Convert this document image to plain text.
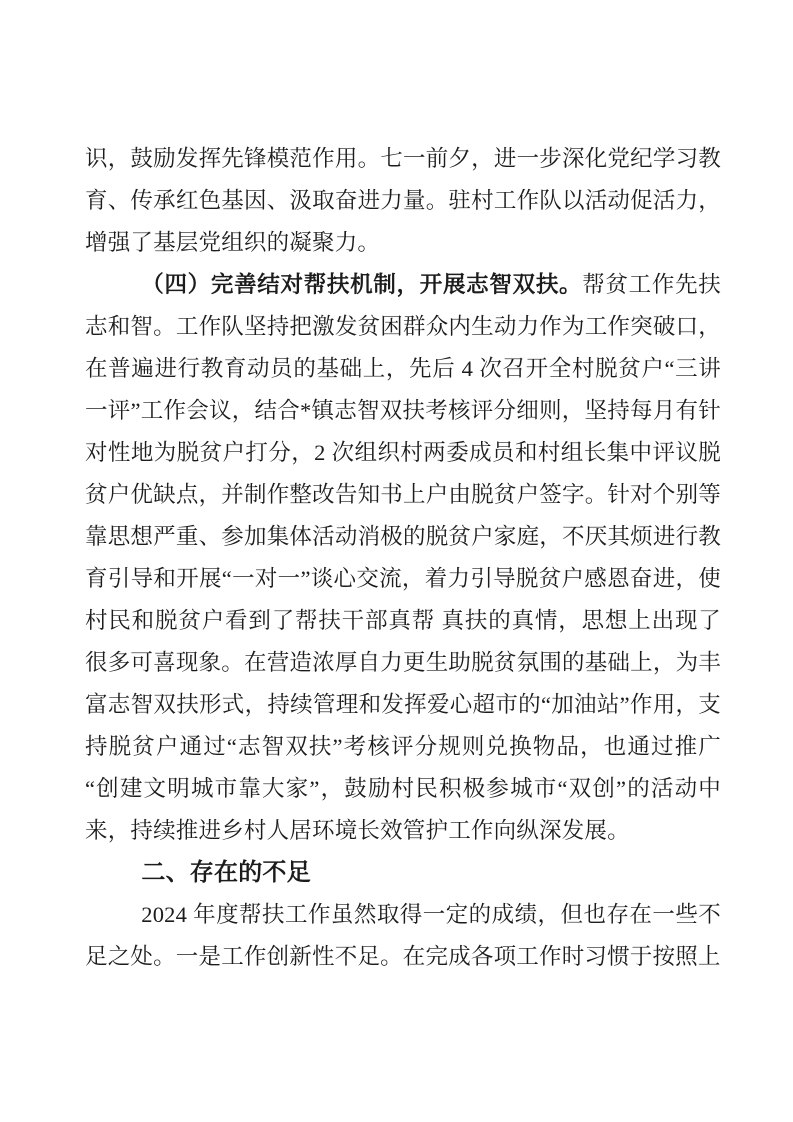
识，鼓励发挥先锋模范作用。七一前夕，进一步深化党纪学习教育、传承红色基因、汲取奋进力量。驻村工作队以活动促活力，增强了基层党组织的凝聚力。

（四）完善结对帮扶机制，开展志智双扶。帮贫工作先扶志和智。工作队坚持把激发贫困群众内生动力作为工作突破口，在普遍进行教育动员的基础上，先后 4 次召开全村脱贫户“三讲一评”工作会议，结合*镇志智双扶考核评分细则，坚持每月有针对性地为脱贫户打分，2 次组织村两委成员和村组长集中评议脱贫户优缺点，并制作整改告知书上户由脱贫户签字。针对个别等靠思想严重、参加集体活动消极的脱贫户家庭，不厌其烦进行教育引导和开展“一对一”谈心交流，着力引导脱贫户感恩奋进，使村民和脱贫户看到了帮扶干部真帮 真扶的真情，思想上出现了很多可喜现象。在营造浓厚自力更生助脱贫氛围的基础上，为丰富志智双扶形式，持续管理和发挥爱心超市的“加油站”作用，支持脱贫户通过“志智双扶”考核评分规则兑换物品，也通过推广“创建文明城市靠大家”，鼓励村民积极参城市“双创”的活动中来，持续推进乡村人居环境长效管护工作向纵深发展。

二、存在的不足

2024 年度帮扶工作虽然取得一定的成绩，但也存在一些不足之处。一是工作创新性不足。在完成各项工作时习惯于按照上
